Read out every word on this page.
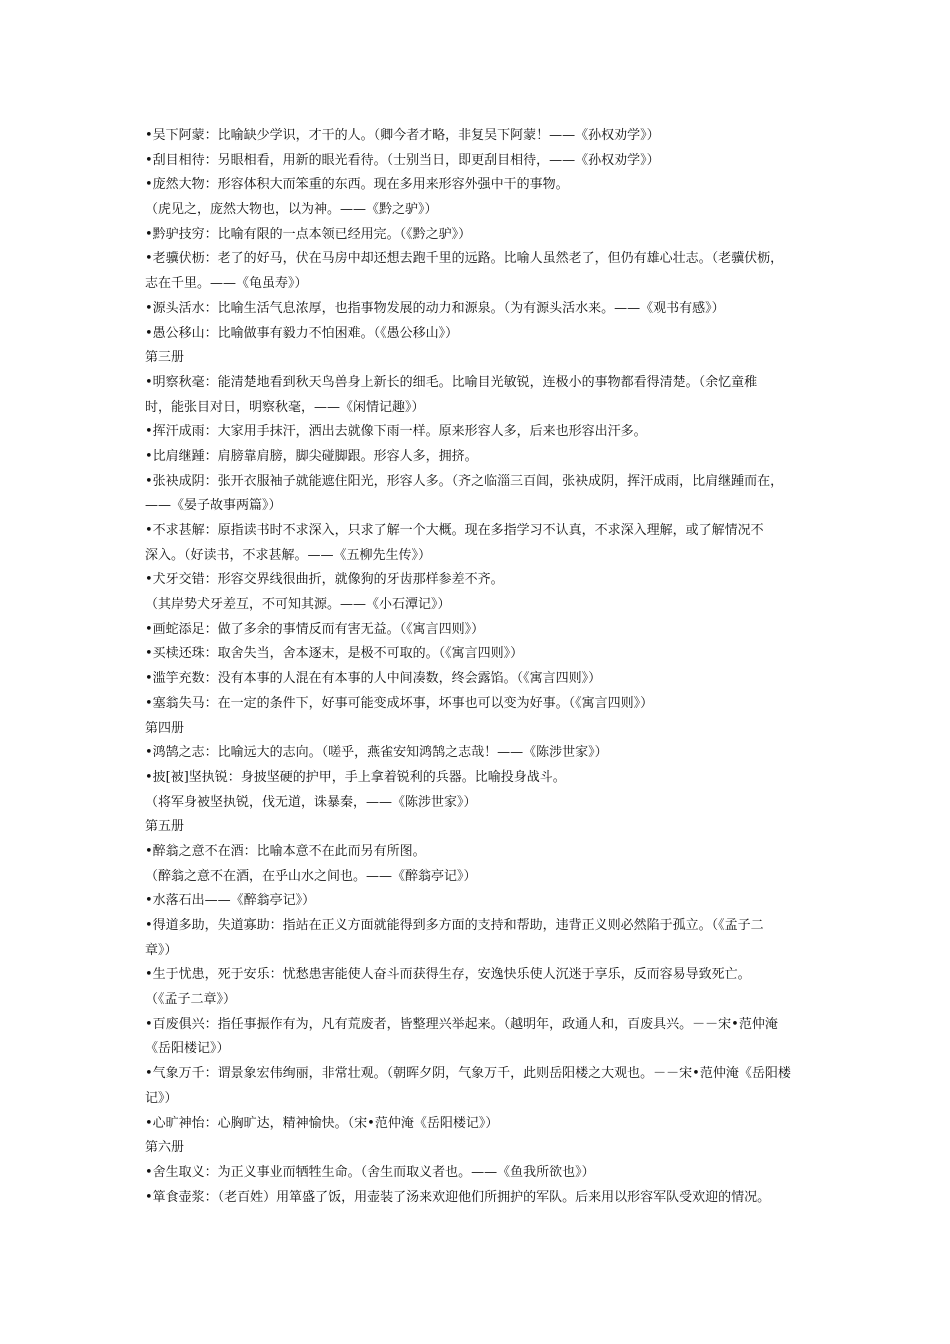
•吴下阿蒙：比喻缺少学识，才干的人。（卿今者才略，非复吴下阿蒙！——《孙权劝学》）
•刮目相待：另眼相看，用新的眼光看待。（士别当日，即更刮目相待，——《孙权劝学》）
•庞然大物：形容体积大而笨重的东西。现在多用来形容外强中干的事物。
（虎见之，庞然大物也，以为神。——《黔之驴》）
•黔驴技穷：比喻有限的一点本领已经用完。（《黔之驴》）
•老骥伏枥：老了的好马，伏在马房中却还想去跑千里的远路。比喻人虽然老了，但仍有雄心壮志。（老骥伏枥，
志在千里。——《龟虽寿》）
•源头活水：比喻生活气息浓厚，也指事物发展的动力和源泉。（为有源头活水来。——《观书有感》）
•愚公移山：比喻做事有毅力不怕困难。（《愚公移山》）
第三册
•明察秋毫：能清楚地看到秋天鸟兽身上新长的细毛。比喻目光敏锐，连极小的事物都看得清楚。（余忆童稚
时，能张目对日，明察秋毫，——《闲情记趣》）
•挥汗成雨：大家用手抹汗，洒出去就像下雨一样。原来形容人多，后来也形容出汗多。
•比肩继踵：肩膀靠肩膀，脚尖碰脚跟。形容人多，拥挤。
•张袂成阴：张开衣服袖子就能遮住阳光，形容人多。（齐之临淄三百闾，张袂成阴，挥汗成雨，比肩继踵而在，
——《晏子故事两篇》）
•不求甚解：原指读书时不求深入，只求了解一个大概。现在多指学习不认真，不求深入理解，或了解情况不
深入。（好读书，不求甚解。——《五柳先生传》）
•犬牙交错：形容交界线很曲折，就像狗的牙齿那样参差不齐。
（其岸势犬牙差互，不可知其源。——《小石潭记》）
•画蛇添足：做了多余的事情反而有害无益。（《寓言四则》）
•买椟还珠：取舍失当，舍本逐末，是极不可取的。（《寓言四则》）
•滥竽充数：没有本事的人混在有本事的人中间凑数，终会露馅。（《寓言四则》）
•塞翁失马：在一定的条件下，好事可能变成坏事，坏事也可以变为好事。（《寓言四则》）
第四册
•鸿鹄之志：比喻远大的志向。（嗟乎，燕雀安知鸿鹄之志哉！——《陈涉世家》）
•披[被]坚执锐：身披坚硬的护甲，手上拿着锐利的兵器。比喻投身战斗。
（将军身被坚执锐，伐无道，诛暴秦，——《陈涉世家》）
第五册
•醉翁之意不在酒：比喻本意不在此而另有所图。
（醉翁之意不在酒，在乎山水之间也。——《醉翁亭记》）
•水落石出——《醉翁亭记》）
•得道多助，失道寡助：指站在正义方面就能得到多方面的支持和帮助，违背正义则必然陷于孤立。（《孟子二
章》）
•生于忧患，死于安乐：忧愁患害能使人奋斗而获得生存，安逸快乐使人沉迷于享乐，反而容易导致死亡。
（《孟子二章》）
•百废俱兴：指任事振作有为，凡有荒废者，皆整理兴举起来。（越明年，政通人和，百废具兴。－－宋•范仲淹
《岳阳楼记》）
•气象万千：谓景象宏伟绚丽，非常壮观。（朝晖夕阴，气象万千，此则岳阳楼之大观也。－－宋•范仲淹《岳阳楼
记》）
•心旷神怡：心胸旷达，精神愉快。（宋•范仲淹《岳阳楼记》）
第六册
•舍生取义：为正义事业而牺牲生命。（舍生而取义者也。——《鱼我所欲也》）
•箪食壶浆：（老百姓）用箪盛了饭，用壶装了汤来欢迎他们所拥护的军队。后来用以形容军队受欢迎的情况。
